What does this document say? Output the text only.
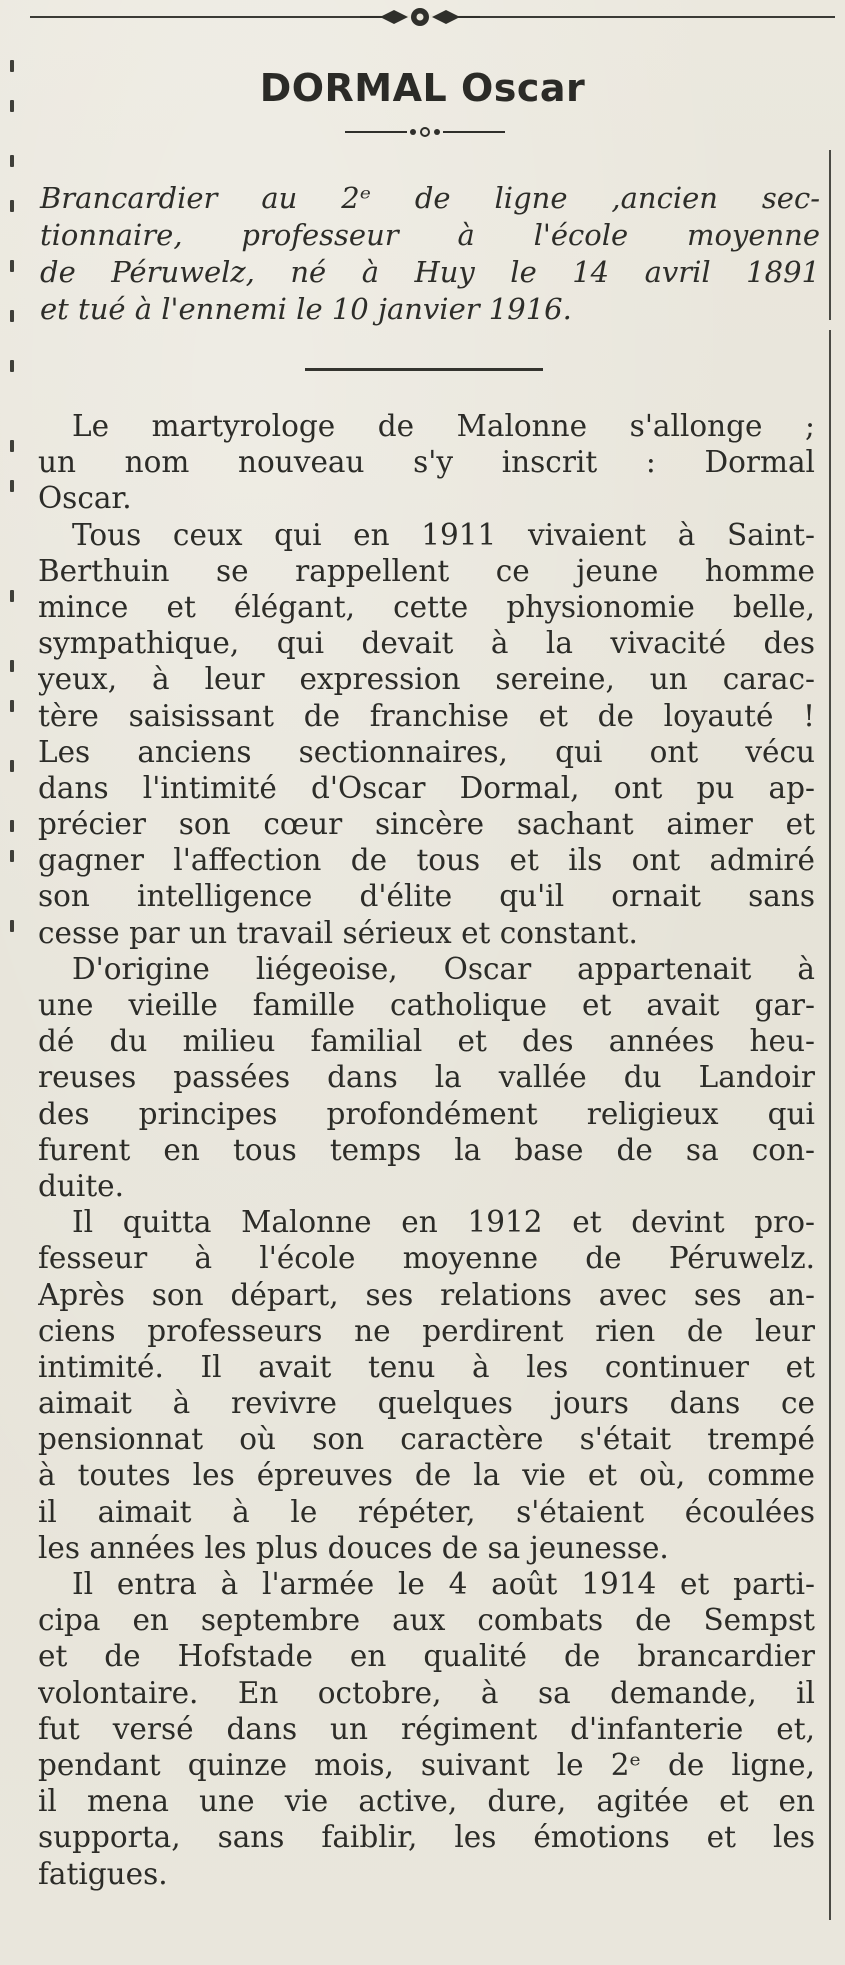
DORMAL Oscar
Brancardier au 2ᵉ de ligne ,ancien sec-
tionnaire, professeur à l'école moyenne
de Péruwelz, né à Huy le 14 avril 1891
et tué à l'ennemi le 10 janvier 1916.
Le martyrologe de Malonne s'allonge ;
un nom nouveau s'y inscrit : Dormal
Oscar.
Tous ceux qui en 1911 vivaient à Saint-
Berthuin se rappellent ce jeune homme
mince et élégant, cette physionomie belle,
sympathique, qui devait à la vivacité des
yeux, à leur expression sereine, un carac-
tère saisissant de franchise et de loyauté !
Les anciens sectionnaires, qui ont vécu
dans l'intimité d'Oscar Dormal, ont pu ap-
précier son cœur sincère sachant aimer et
gagner l'affection de tous et ils ont admiré
son intelligence d'élite qu'il ornait sans
cesse par un travail sérieux et constant.
D'origine liégeoise, Oscar appartenait à
une vieille famille catholique et avait gar-
dé du milieu familial et des années heu-
reuses passées dans la vallée du Landoir
des principes profondément religieux qui
furent en tous temps la base de sa con-
duite.
Il quitta Malonne en 1912 et devint pro-
fesseur à l'école moyenne de Péruwelz.
Après son départ, ses relations avec ses an-
ciens professeurs ne perdirent rien de leur
intimité. Il avait tenu à les continuer et
aimait à revivre quelques jours dans ce
pensionnat où son caractère s'était trempé
à toutes les épreuves de la vie et où, comme
il aimait à le répéter, s'étaient écoulées
les années les plus douces de sa jeunesse.
Il entra à l'armée le 4 août 1914 et parti-
cipa en septembre aux combats de Sempst
et de Hofstade en qualité de brancardier
volontaire. En octobre, à sa demande, il
fut versé dans un régiment d'infanterie et,
pendant quinze mois, suivant le 2ᵉ de ligne,
il mena une vie active, dure, agitée et en
supporta, sans faiblir, les émotions et les
fatigues.
